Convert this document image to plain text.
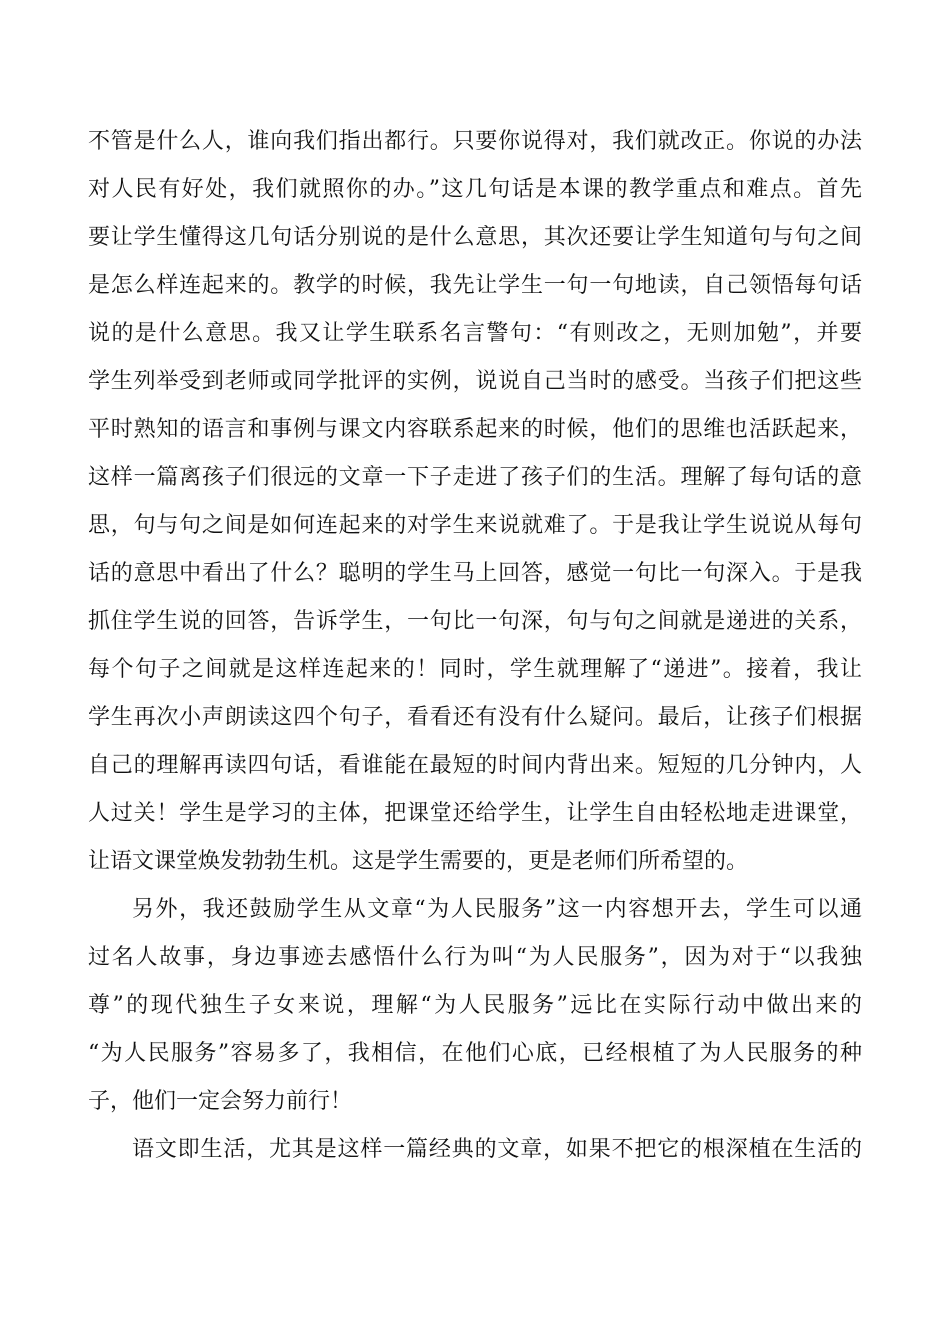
不管是什么人，谁向我们指出都行。只要你说得对，我们就改正。你说的办法
对人民有好处，我们就照你的办。”这几句话是本课的教学重点和难点。首先
要让学生懂得这几句话分别说的是什么意思，其次还要让学生知道句与句之间
是怎么样连起来的。教学的时候，我先让学生一句一句地读，自己领悟每句话
说的是什么意思。我又让学生联系名言警句：“有则改之，无则加勉”，并要
学生列举受到老师或同学批评的实例，说说自己当时的感受。当孩子们把这些
平时熟知的语言和事例与课文内容联系起来的时候，他们的思维也活跃起来，
这样一篇离孩子们很远的文章一下子走进了孩子们的生活。理解了每句话的意
思，句与句之间是如何连起来的对学生来说就难了。于是我让学生说说从每句
话的意思中看出了什么？聪明的学生马上回答，感觉一句比一句深入。于是我
抓住学生说的回答，告诉学生，一句比一句深，句与句之间就是递进的关系，
每个句子之间就是这样连起来的！同时，学生就理解了“递进”。接着，我让
学生再次小声朗读这四个句子，看看还有没有什么疑问。最后，让孩子们根据
自己的理解再读四句话，看谁能在最短的时间内背出来。短短的几分钟内，人
人过关！学生是学习的主体，把课堂还给学生，让学生自由轻松地走进课堂，
让语文课堂焕发勃勃生机。这是学生需要的，更是老师们所希望的。
另外，我还鼓励学生从文章“为人民服务”这一内容想开去，学生可以通
过名人故事，身边事迹去感悟什么行为叫“为人民服务”，因为对于“以我独
尊”的现代独生子女来说，理解“为人民服务”远比在实际行动中做出来的
“为人民服务”容易多了，我相信，在他们心底，已经根植了为人民服务的种
子，他们一定会努力前行！
语文即生活，尤其是这样一篇经典的文章，如果不把它的根深植在生活的
